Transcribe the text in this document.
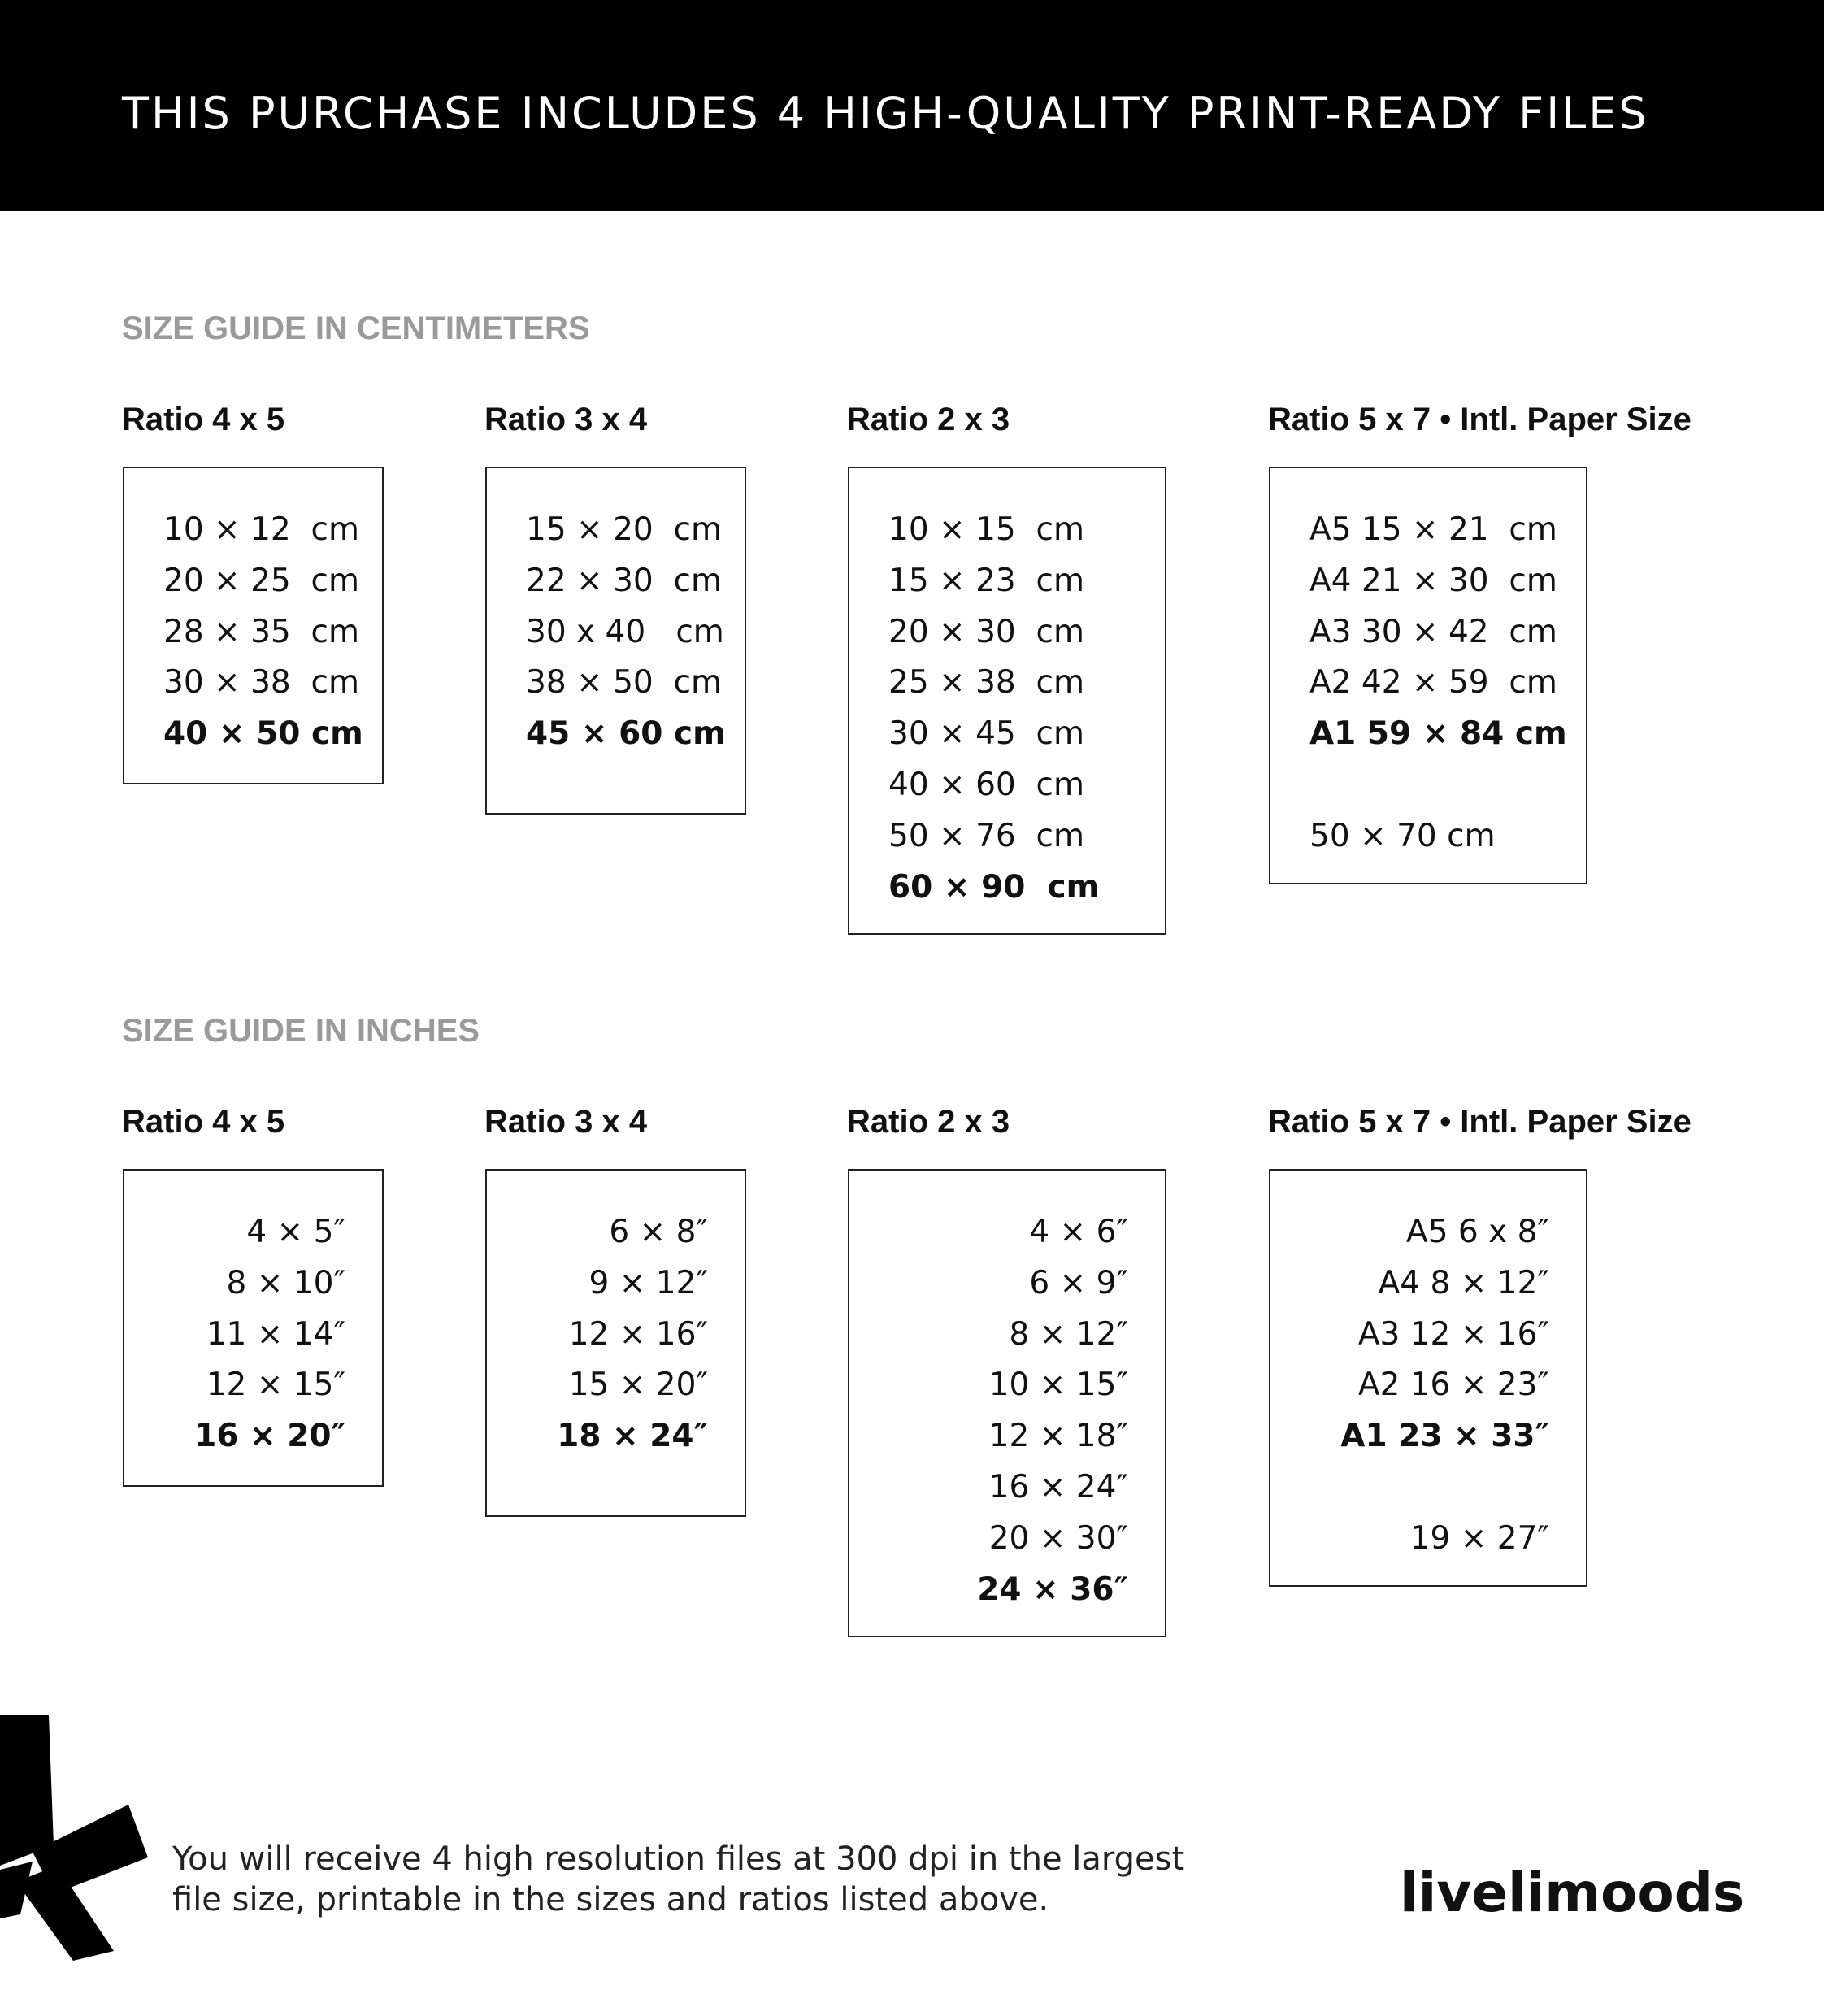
THIS PURCHASE INCLUDES 4 HIGH-QUALITY PRINT-READY FILES
SIZE GUIDE IN CENTIMETERS
Ratio 4 x 5	Ratio 3 x 4	Ratio 2 x 3	Ratio 5 x 7 • Intl. Paper Size
10 × 12  cm
20 × 25  cm
28 × 35  cm
30 × 38  cm
40 × 50 cm
15 × 20  cm
22 × 30  cm
30 x 40   cm
38 × 50  cm
45 × 60 cm
10 × 15  cm
15 × 23  cm
20 × 30  cm
25 × 38  cm
30 × 45  cm
40 × 60  cm
50 × 76  cm
60 × 90  cm
A5 15 × 21  cm
A4 21 × 30  cm
A3 30 × 42  cm
A2 42 × 59  cm
A1 59 × 84 cm
50 × 70 cm
SIZE GUIDE IN INCHES
Ratio 4 x 5	Ratio 3 x 4	Ratio 2 x 3	Ratio 5 x 7 • Intl. Paper Size
4 × 5″
8 × 10″
11 × 14″
12 × 15″
16 × 20″
6 × 8″
9 × 12″
12 × 16″
15 × 20″
18 × 24″
4 × 6″
6 × 9″
8 × 12″
10 × 15″
12 × 18″
16 × 24″
20 × 30″
24 × 36″
A5 6 x 8″
A4 8 × 12″
A3 12 × 16″
A2 16 × 23″
A1 23 × 33″
19 × 27″
You will receive 4 high resolution files at 300 dpi in the largest file size, printable in the sizes and ratios listed above.	livelimoods
